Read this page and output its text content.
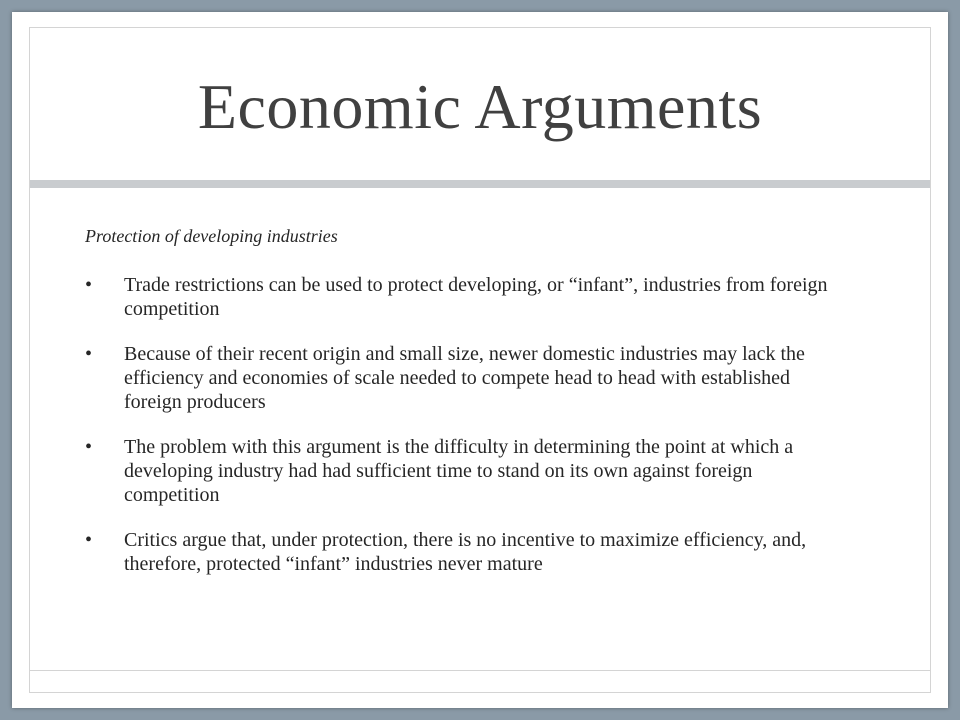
Economic Arguments

Protection of developing industries

• Trade restrictions can be used to protect developing, or “infant”, industries from foreign competition
• Because of their recent origin and small size, newer domestic industries may lack the efficiency and economies of scale needed to compete head to head with established foreign producers
• The problem with this argument is the difficulty in determining the point at which a developing industry had had sufficient time to stand on its own against foreign competition
• Critics argue that, under protection, there is no incentive to maximize efficiency, and, therefore, protected “infant” industries never mature
